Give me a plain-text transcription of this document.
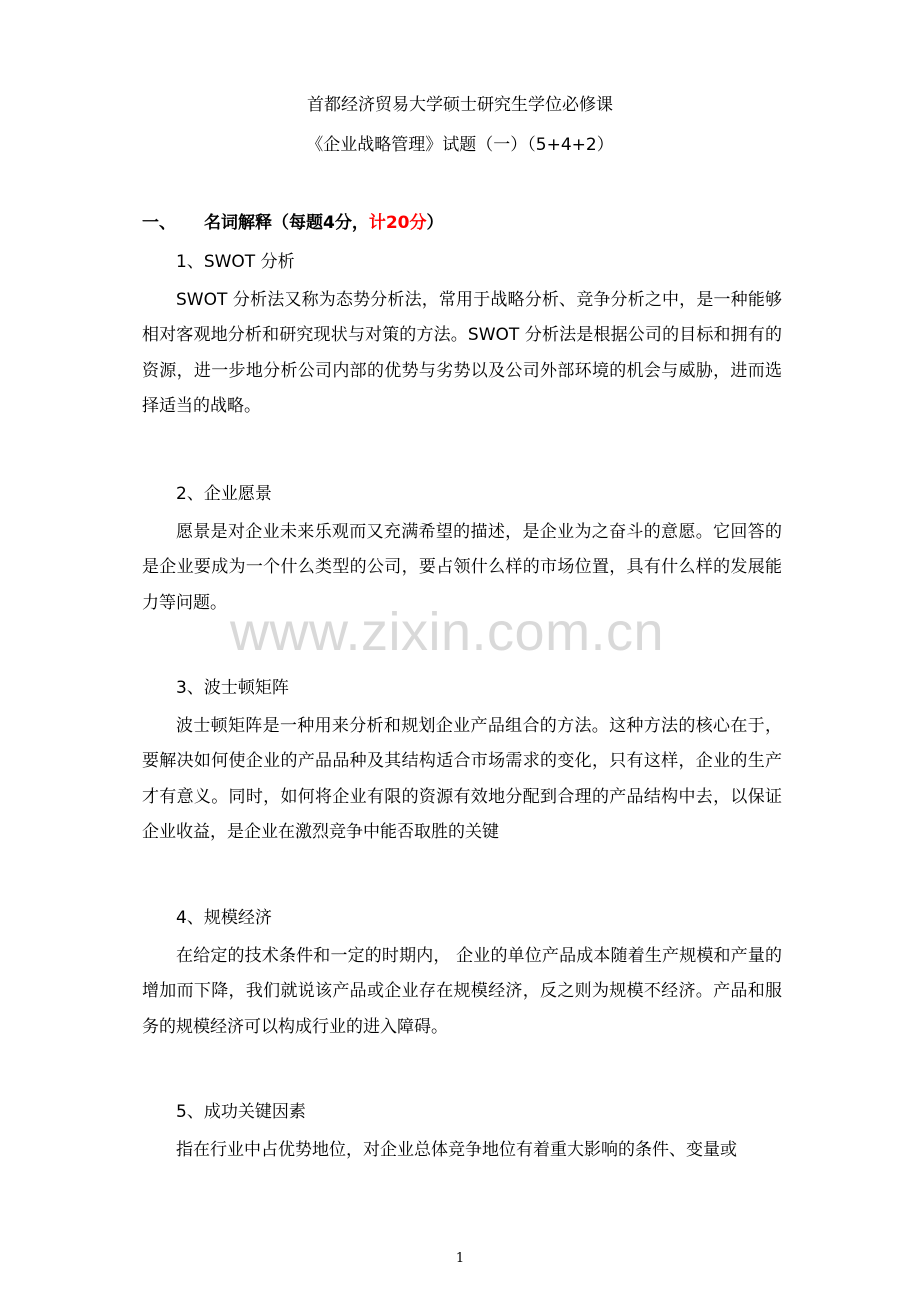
首都经济贸易大学硕士研究生学位必修课
《企业战略管理》试题（一）（5+4+2）
一、 名词解释（每题4分，计20分）
1、SWOT 分析
SWOT 分析法又称为态势分析法，常用于战略分析、竞争分析之中，是一种能够相对客观地分析和研究现状与对策的方法。SWOT 分析法是根据公司的目标和拥有的资源，进一步地分析公司内部的优势与劣势以及公司外部环境的机会与威胁，进而选择适当的战略。
2、企业愿景
愿景是对企业未来乐观而又充满希望的描述，是企业为之奋斗的意愿。它回答的是企业要成为一个什么类型的公司，要占领什么样的市场位置，具有什么样的发展能力等问题。
3、波士顿矩阵
波士顿矩阵是一种用来分析和规划企业产品组合的方法。这种方法的核心在于，要解决如何使企业的产品品种及其结构适合市场需求的变化，只有这样，企业的生产才有意义。同时，如何将企业有限的资源有效地分配到合理的产品结构中去，以保证企业收益，是企业在激烈竞争中能否取胜的关键
4、规模经济
在给定的技术条件和一定的时期内， 企业的单位产品成本随着生产规模和产量的增加而下降，我们就说该产品或企业存在规模经济，反之则为规模不经济。产品和服务的规模经济可以构成行业的进入障碍。
5、成功关键因素
指在行业中占优势地位，对企业总体竞争地位有着重大影响的条件、变量或
www.zixin.com.cn
1
